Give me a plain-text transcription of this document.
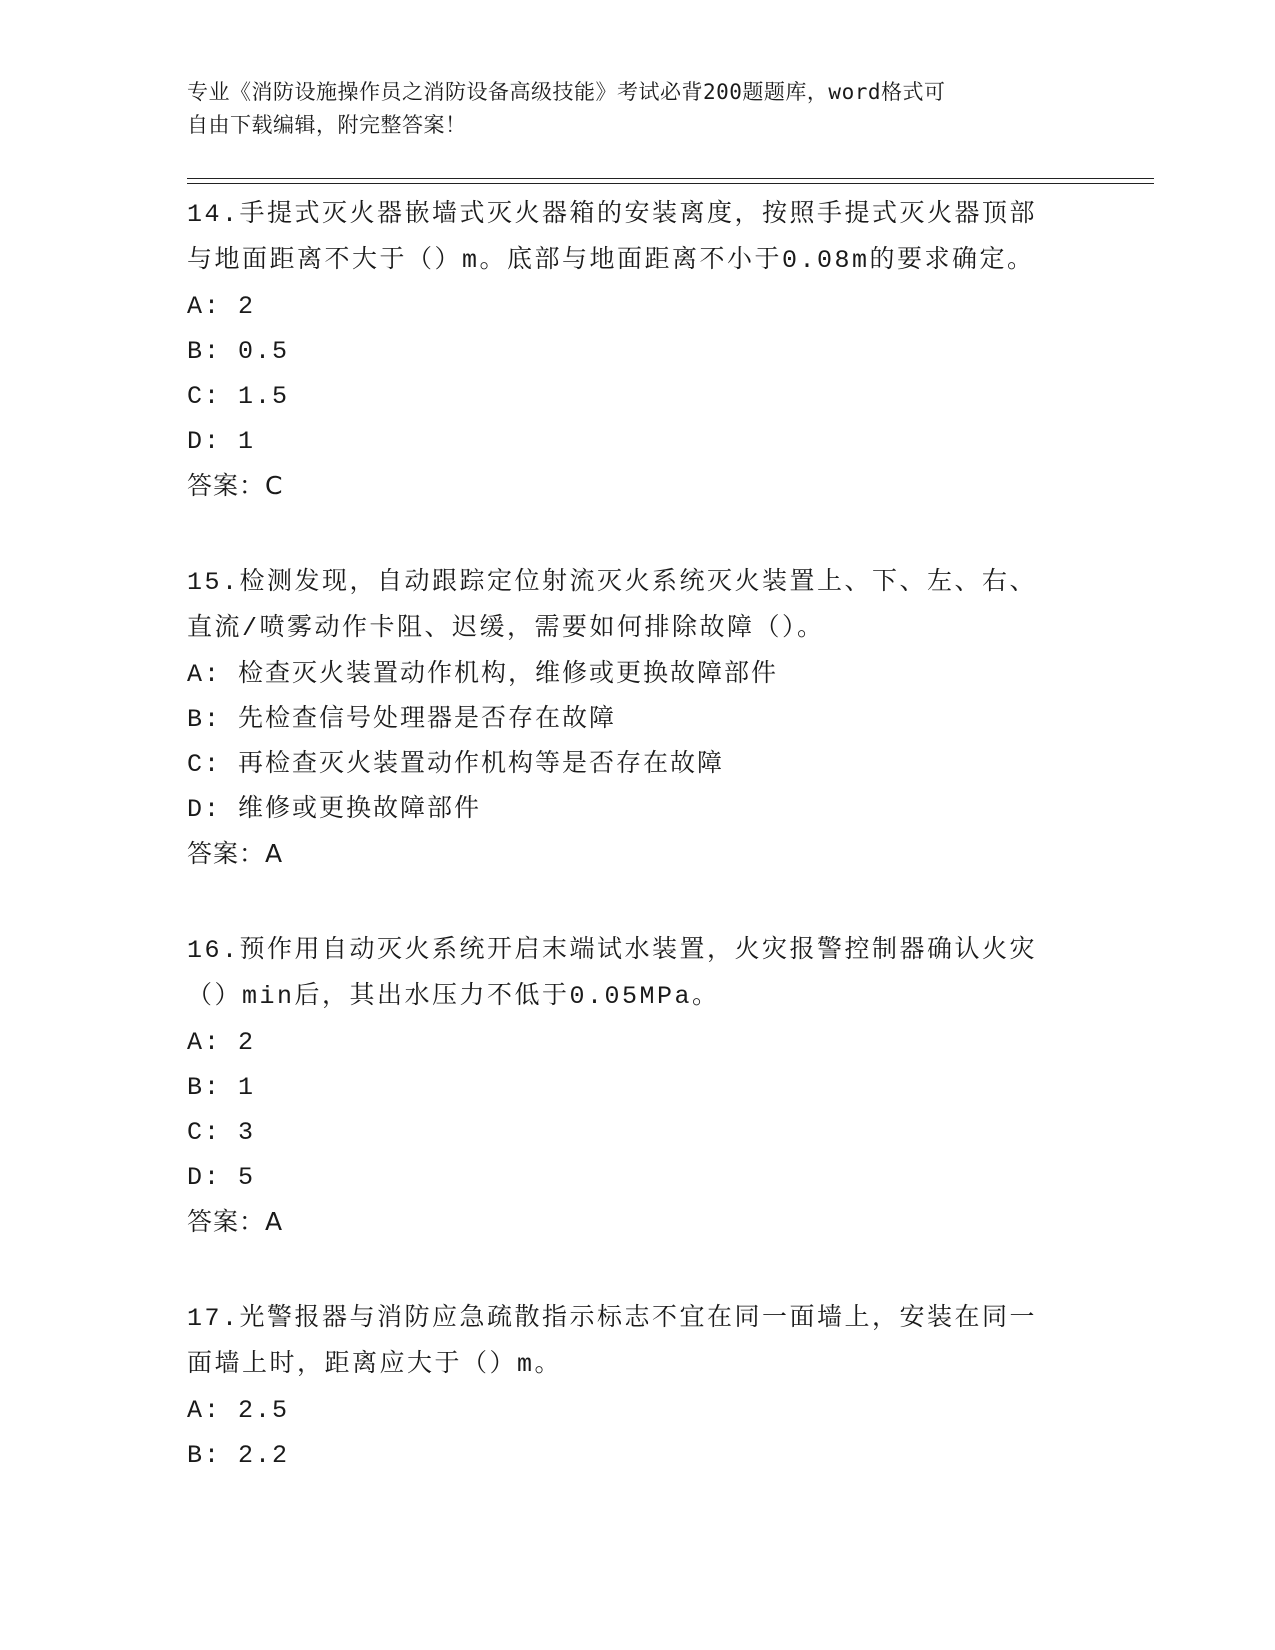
专业《消防设施操作员之消防设备高级技能》考试必背200题题库，word格式可
自由下载编辑，附完整答案！
14.手提式灭火器嵌墙式灭火器箱的安装离度，按照手提式灭火器顶部
与地面距离不大于（）m。底部与地面距离不小于0.08m的要求确定。
A: 2
B: 0.5
C: 1.5
D: 1
答案：C
15.检测发现，自动跟踪定位射流灭火系统灭火装置上、下、左、右、
直流/喷雾动作卡阻、迟缓，需要如何排除故障（）。
A: 检查灭火装置动作机构，维修或更换故障部件
B: 先检查信号处理器是否存在故障
C: 再检查灭火装置动作机构等是否存在故障
D: 维修或更换故障部件
答案：A
16.预作用自动灭火系统开启末端试水装置，火灾报警控制器确认火灾
（）min后，其出水压力不低于0.05MPa。
A: 2
B: 1
C: 3
D: 5
答案：A
17.光警报器与消防应急疏散指示标志不宜在同一面墙上，安装在同一
面墙上时，距离应大于（）m。
A: 2.5
B: 2.2
